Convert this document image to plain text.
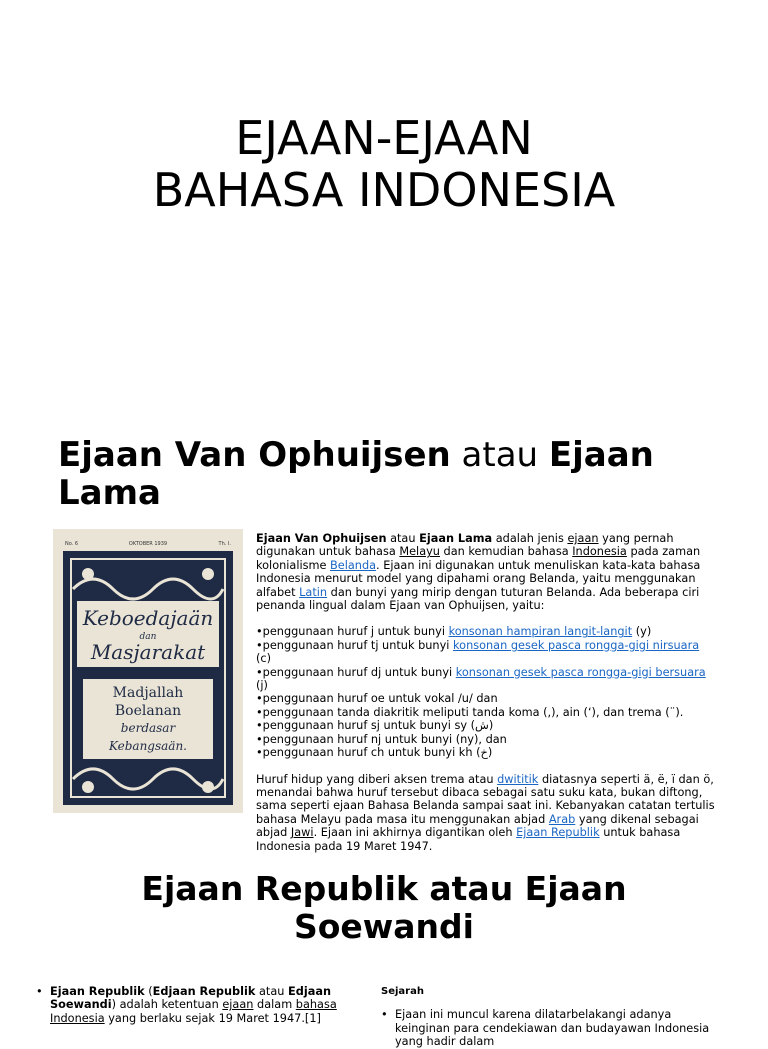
EJAAN-EJAAN
BAHASA INDONESIA
Ejaan Van Ophuijsen atau Ejaan Lama
No. 6	OKTOBER 1939	Th. I.
Keboedajaän
dan
Masjarakat
Madjallah
Boelanan
berdasar
Kebangsaän.

Ejaan Van Ophuijsen atau Ejaan Lama adalah jenis ejaan yang pernah digunakan untuk bahasa Melayu dan kemudian bahasa Indonesia pada zaman kolonialisme Belanda. Ejaan ini digunakan untuk menuliskan kata-kata bahasa Indonesia menurut model yang dipahami orang Belanda, yaitu menggunakan alfabet Latin dan bunyi yang mirip dengan tuturan Belanda. Ada beberapa ciri penanda lingual dalam Ejaan van Ophuijsen, yaitu:

•penggunaan huruf j untuk bunyi konsonan hampiran langit-langit (y)

•penggunaan huruf tj untuk bunyi konsonan gesek pasca rongga-gigi nirsuara (c)

•penggunaan huruf dj untuk bunyi konsonan gesek pasca rongga-gigi bersuara (j)

•penggunaan huruf oe untuk vokal /u/ dan

•penggunaan tanda diakritik meliputi tanda koma (,), ain (‘), dan trema (¨).

•penggunaan huruf sj untuk bunyi sy (ش)

•penggunaan huruf nj untuk bunyi (ny), dan

•penggunaan huruf ch untuk bunyi kh (خ)

Huruf hidup yang diberi aksen trema atau dwititik diatasnya seperti ä, ë, ï dan ö, menandai bahwa huruf tersebut dibaca sebagai satu suku kata, bukan diftong, sama seperti ejaan Bahasa Belanda sampai saat ini. Kebanyakan catatan tertulis bahasa Melayu pada masa itu menggunakan abjad Arab yang dikenal sebagai abjad Jawi. Ejaan ini akhirnya digantikan oleh Ejaan Republik untuk bahasa Indonesia pada 19 Maret 1947.

Ejaan Republik atau Ejaan
Soewandi
• Ejaan Republik (Edjaan Republik atau Edjaan Soewandi) adalah ketentuan ejaan dalam bahasa Indonesia yang berlaku sejak 19 Maret 1947.[1]
Sejarah
• Ejaan ini muncul karena dilatarbelakangi adanya keinginan para cendekiawan dan budayawan Indonesia yang hadir dalam
